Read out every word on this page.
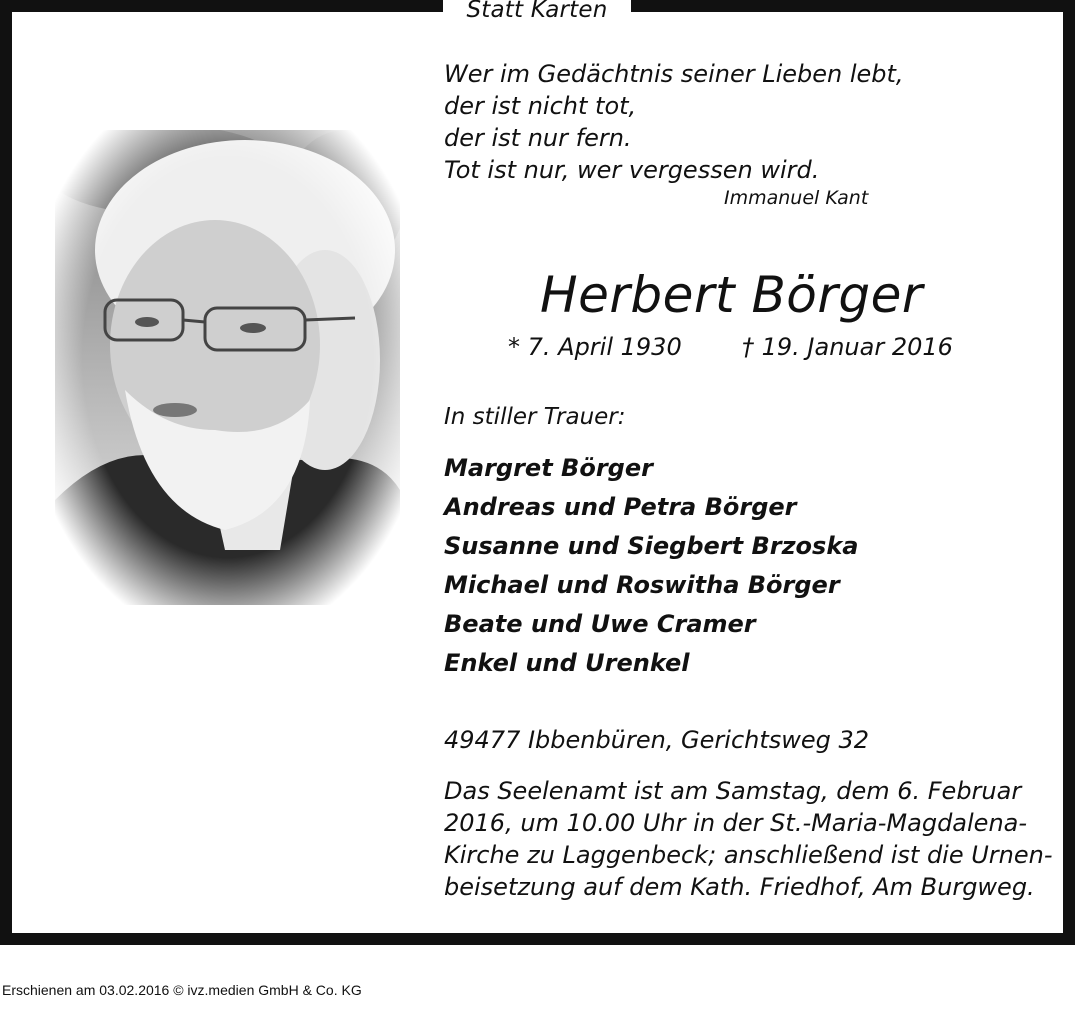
Statt Karten
Wer im Gedächtnis seiner Lieben lebt,
der ist nicht tot,
der ist nur fern.
Tot ist nur, wer vergessen wird.
Immanuel Kant
Herbert Börger
* 7. April 1930	† 19. Januar 2016
In stiller Trauer:
Margret Börger
Andreas und Petra Börger
Susanne und Siegbert Brzoska
Michael und Roswitha Börger
Beate und Uwe Cramer
Enkel und Urenkel
49477 Ibbenbüren, Gerichtsweg 32
Das Seelenamt ist am Samstag, dem 6. Februar
2016, um 10.00 Uhr in der St.-Maria-Magdalena-
Kirche zu Laggenbeck; anschließend ist die Urnen-
beisetzung auf dem Kath. Friedhof, Am Burgweg.
Erschienen am 03.02.2016 © ivz.medien GmbH & Co. KG
